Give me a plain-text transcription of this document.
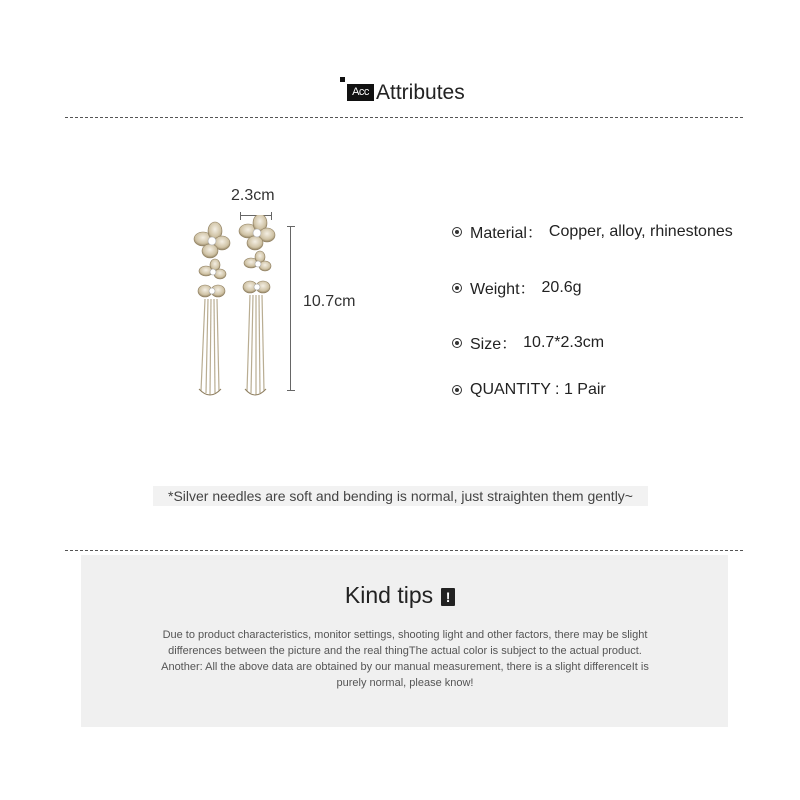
Acc Attributes
2.3cm
10.7cm
Material： Copper, alloy, rhinestones
Weight： 20.6g
Size： 10.7*2.3cm
QUANTITY : 1 Pair
*Silver needles are soft and bending is normal, just straighten them gently~
Kind tips !
Due to product characteristics, monitor settings, shooting light and other factors, there may be slight
differences between the picture and the real thingThe actual color is subject to the actual product.
Another: All the above data are obtained by our manual measurement, there is a slight differenceIt is
purely normal, please know!
